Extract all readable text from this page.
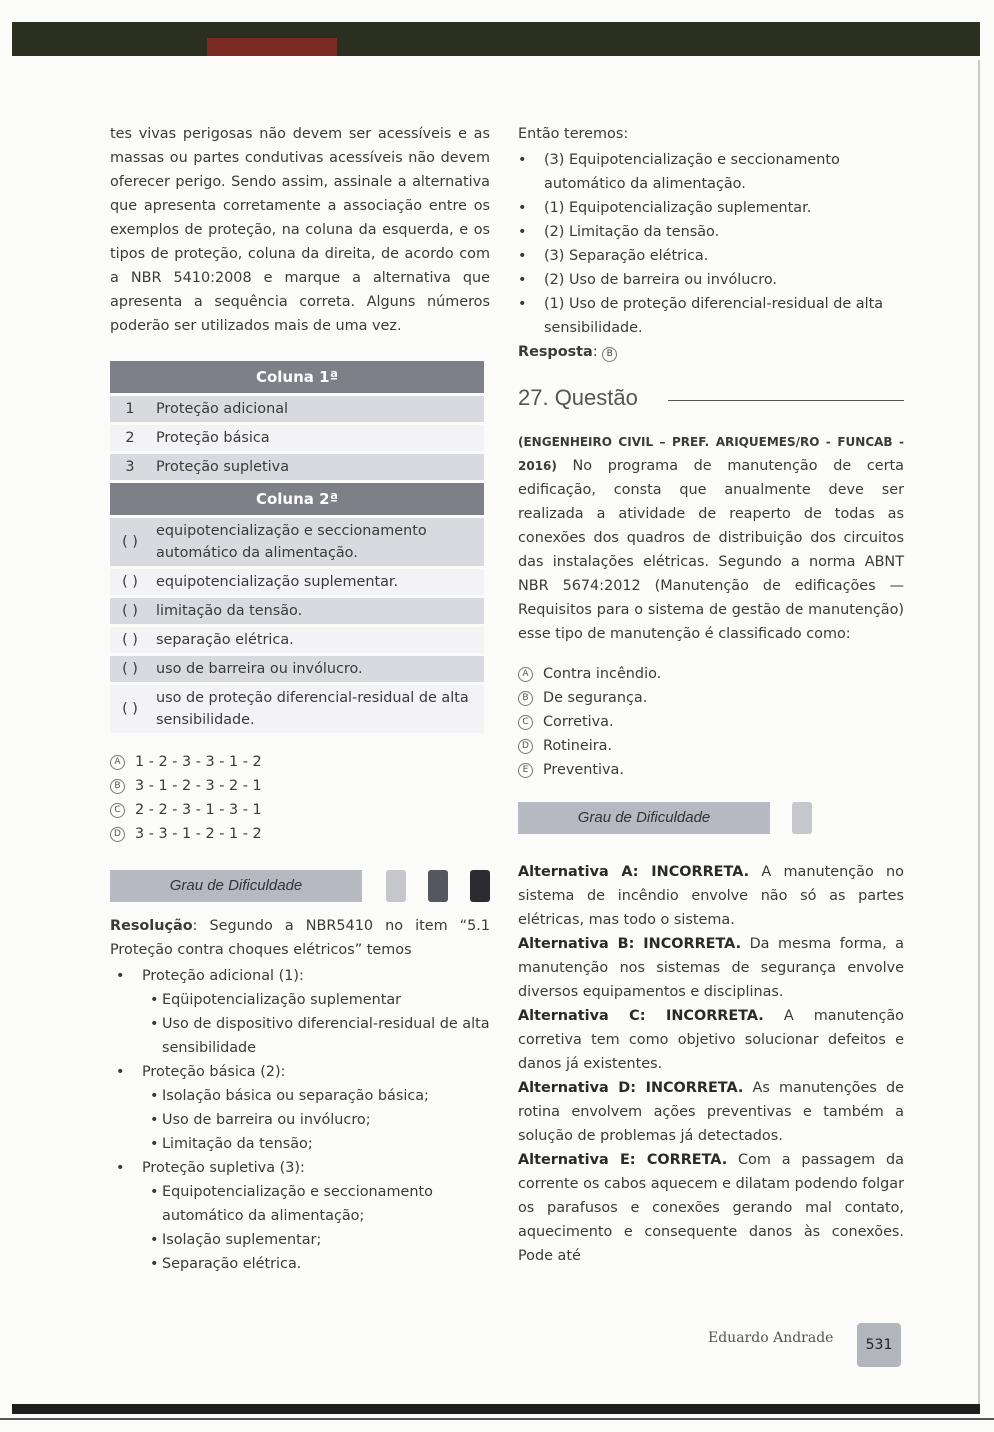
tes vivas perigosas não devem ser acessíveis e as massas ou partes condutivas acessíveis não devem oferecer perigo. Sendo assim, assinale a alternativa que apresenta corretamente a associação entre os exemplos de proteção, na coluna da esquerda, e os tipos de proteção, coluna da direita, de acordo com a NBR 5410:2008 e marque a alternativa que apresenta a sequência correta. Alguns números poderão ser utilizados mais de uma vez.

Coluna 1ª	
1	Proteção adicional
2	Proteção básica
3	Proteção supletiva
Coluna 2ª	
( )	equipotencialização e seccionamento automático da alimentação.
( )	equipotencialização suplementar.
( )	limitação da tensão.
( )	separação elétrica.
( )	uso de barreira ou invólucro.
( )	uso de proteção diferencial-residual de alta sensibilidade.
A 1 - 2 - 3 - 3 - 1 - 2
B 3 - 1 - 2 - 3 - 2 - 1
C 2 - 2 - 3 - 1 - 3 - 1
D 3 - 3 - 1 - 2 - 1 - 2
Grau de Dificuldade

Resolução: Segundo a NBR5410 no item “5.1 Proteção contra choques elétricos” temos

• Proteção adicional (1):
• Eqüipotencialização suplementar
• Uso de dispositivo diferencial-residual de alta sensibilidade
• Proteção básica (2):
• Isolação básica ou separação básica;
• Uso de barreira ou invólucro;
• Limitação da tensão;
• Proteção supletiva (3):
• Equipotencialização e seccionamento automático da alimentação;
• Isolação suplementar;
• Separação elétrica.

Então teremos:

• (3) Equipotencialização e seccionamento automático da alimentação.
• (1) Equipotencialização suplementar.
• (2) Limitação da tensão.
• (3) Separação elétrica.
• (2) Uso de barreira ou invólucro.
• (1) Uso de proteção diferencial-residual de alta sensibilidade.

Resposta: B

27. Questão

(ENGENHEIRO CIVIL – PREF. ARIQUEMES/RO - FUNCAB - 2016) No programa de manutenção de certa edificação, consta que anualmente deve ser realizada a atividade de reaperto de todas as conexões dos quadros de distribuição dos circuitos das instalações elétricas. Segundo a norma ABNT NBR 5674:2012 (Manutenção de edificações — Requisitos para o sistema de gestão de manutenção) esse tipo de manutenção é classificado como:

A Contra incêndio.
B De segurança.
C Corretiva.
D Rotineira.
E Preventiva.
Grau de Dificuldade

Alternativa A: INCORRETA. A manutenção no sistema de incêndio envolve não só as partes elétricas, mas todo o sistema.

Alternativa B: INCORRETA. Da mesma forma, a manutenção nos sistemas de segurança envolve diversos equipamentos e disciplinas.

Alternativa C: INCORRETA. A manutenção corretiva tem como objetivo solucionar defeitos e danos já existentes.

Alternativa D: INCORRETA. As manutenções de rotina envolvem ações preventivas e também a solução de problemas já detectados.

Alternativa E: CORRETA. Com a passagem da corrente os cabos aquecem e dilatam podendo folgar os parafusos e conexões gerando mal contato, aquecimento e consequente danos às conexões. Pode até

Eduardo Andrade	531
